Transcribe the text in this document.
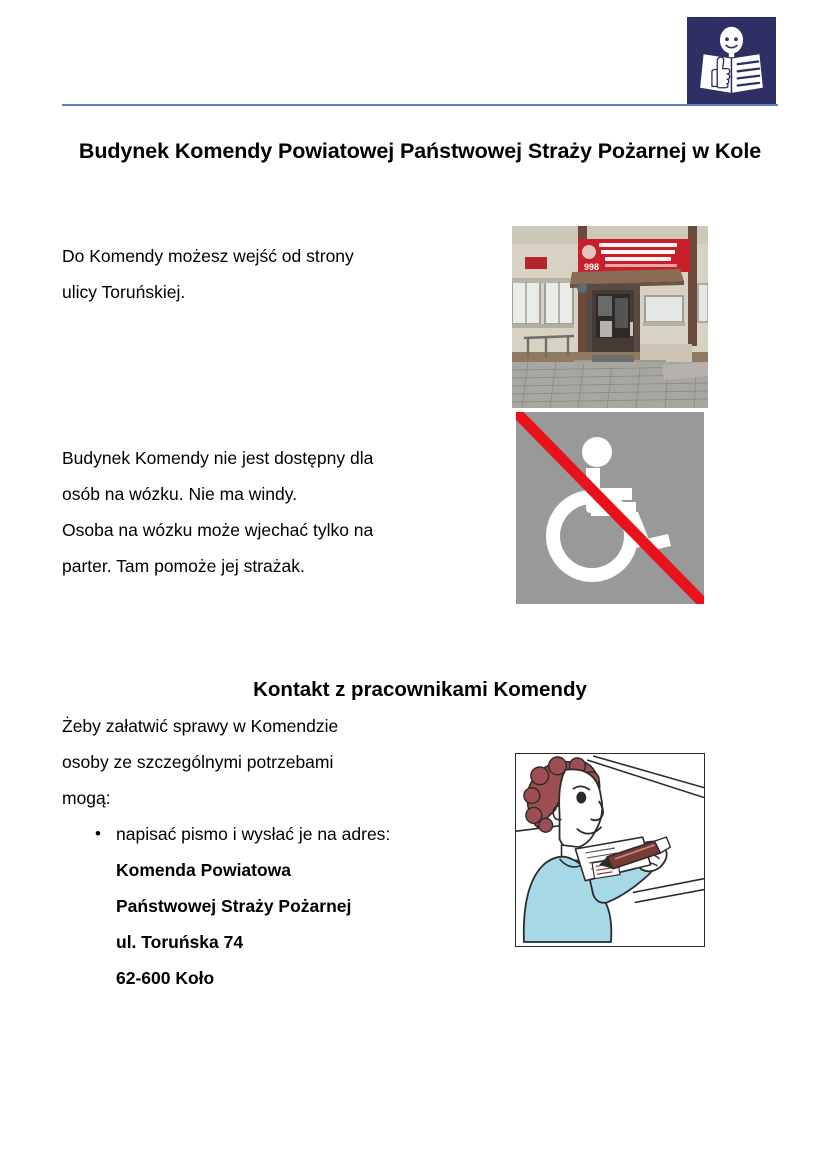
Budynek Komendy Powiatowej Państwowej Straży Pożarnej w Kole

Do Komendy możesz wejść od strony

ulicy Toruńskiej.

998

Budynek Komendy nie jest dostępny dla

osób na wózku. Nie ma windy.

Osoba na wózku może wjechać tylko na

parter. Tam pomoże jej strażak.

Kontakt z pracownikami Komendy

Żeby załatwić sprawy w Komendzie

osoby ze szczególnymi potrzebami

mogą:

• napisać pismo i wysłać je na adres:
Komenda Powiatowa
Państwowej Straży Pożarnej
ul. Toruńska 74
62-600 Koło
